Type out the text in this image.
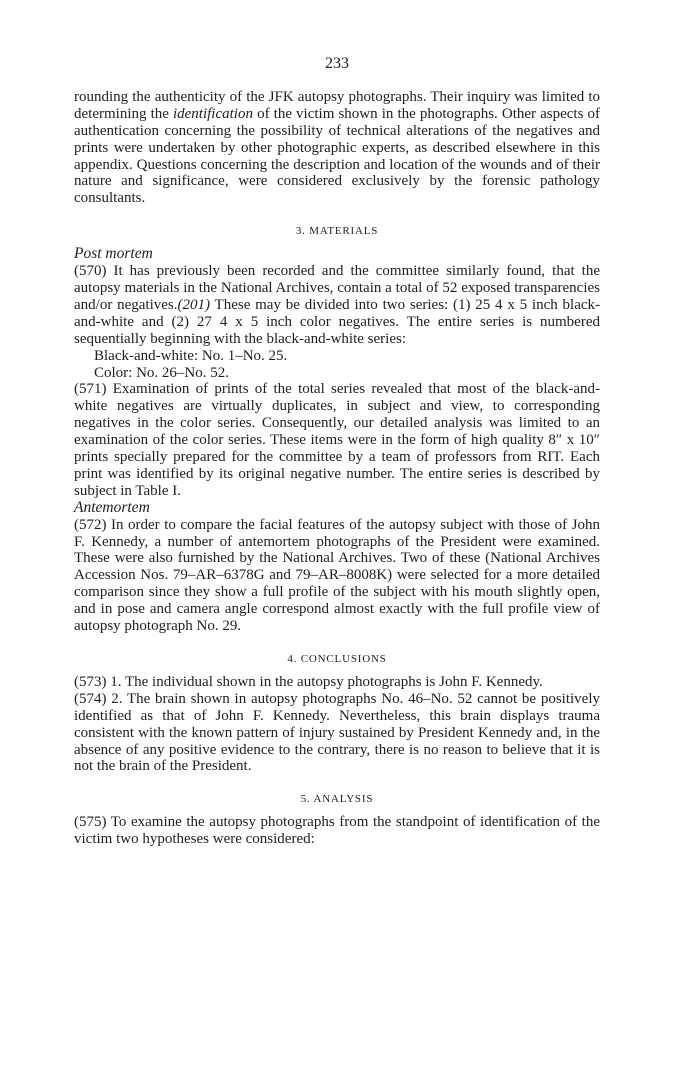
233

rounding the authenticity of the JFK autopsy photographs. Their inquiry was limited to determining the identification of the victim shown in the photographs. Other aspects of authentication concerning the possibility of technical alterations of the negatives and prints were undertaken by other photographic experts, as described elsewhere in this appendix. Questions concerning the description and location of the wounds and of their nature and significance, were considered exclusively by the forensic pathology consultants.

3. MATERIALS

Post mortem

(570) It has previously been recorded and the committee similarly found, that the autopsy materials in the National Archives, contain a total of 52 exposed transparencies and/or negatives.(201) These may be divided into two series: (1) 25 4 x 5 inch black-and-white and (2) 27 4 x 5 inch color negatives. The entire series is numbered sequentially beginning with the black-and-white series:

Black-and-white: No. 1–No. 25.

Color: No. 26–No. 52.

(571) Examination of prints of the total series revealed that most of the black-and-white negatives are virtually duplicates, in subject and view, to corresponding negatives in the color series. Consequently, our detailed analysis was limited to an examination of the color series. These items were in the form of high quality 8″ x 10″ prints specially prepared for the committee by a team of professors from RIT. Each print was identified by its original negative number. The entire series is described by subject in Table I.

Antemortem

(572) In order to compare the facial features of the autopsy subject with those of John F. Kennedy, a number of antemortem photographs of the President were examined. These were also furnished by the National Archives. Two of these (National Archives Accession Nos. 79–AR–6378G and 79–AR–8008K) were selected for a more detailed comparison since they show a full profile of the subject with his mouth slightly open, and in pose and camera angle correspond almost exactly with the full profile view of autopsy photograph No. 29.

4. CONCLUSIONS

(573) 1. The individual shown in the autopsy photographs is John F. Kennedy.

(574) 2. The brain shown in autopsy photographs No. 46–No. 52 cannot be positively identified as that of John F. Kennedy. Nevertheless, this brain displays trauma consistent with the known pattern of injury sustained by President Kennedy and, in the absence of any positive evidence to the contrary, there is no reason to believe that it is not the brain of the President.

5. ANALYSIS

(575) To examine the autopsy photographs from the standpoint of identification of the victim two hypotheses were considered:
